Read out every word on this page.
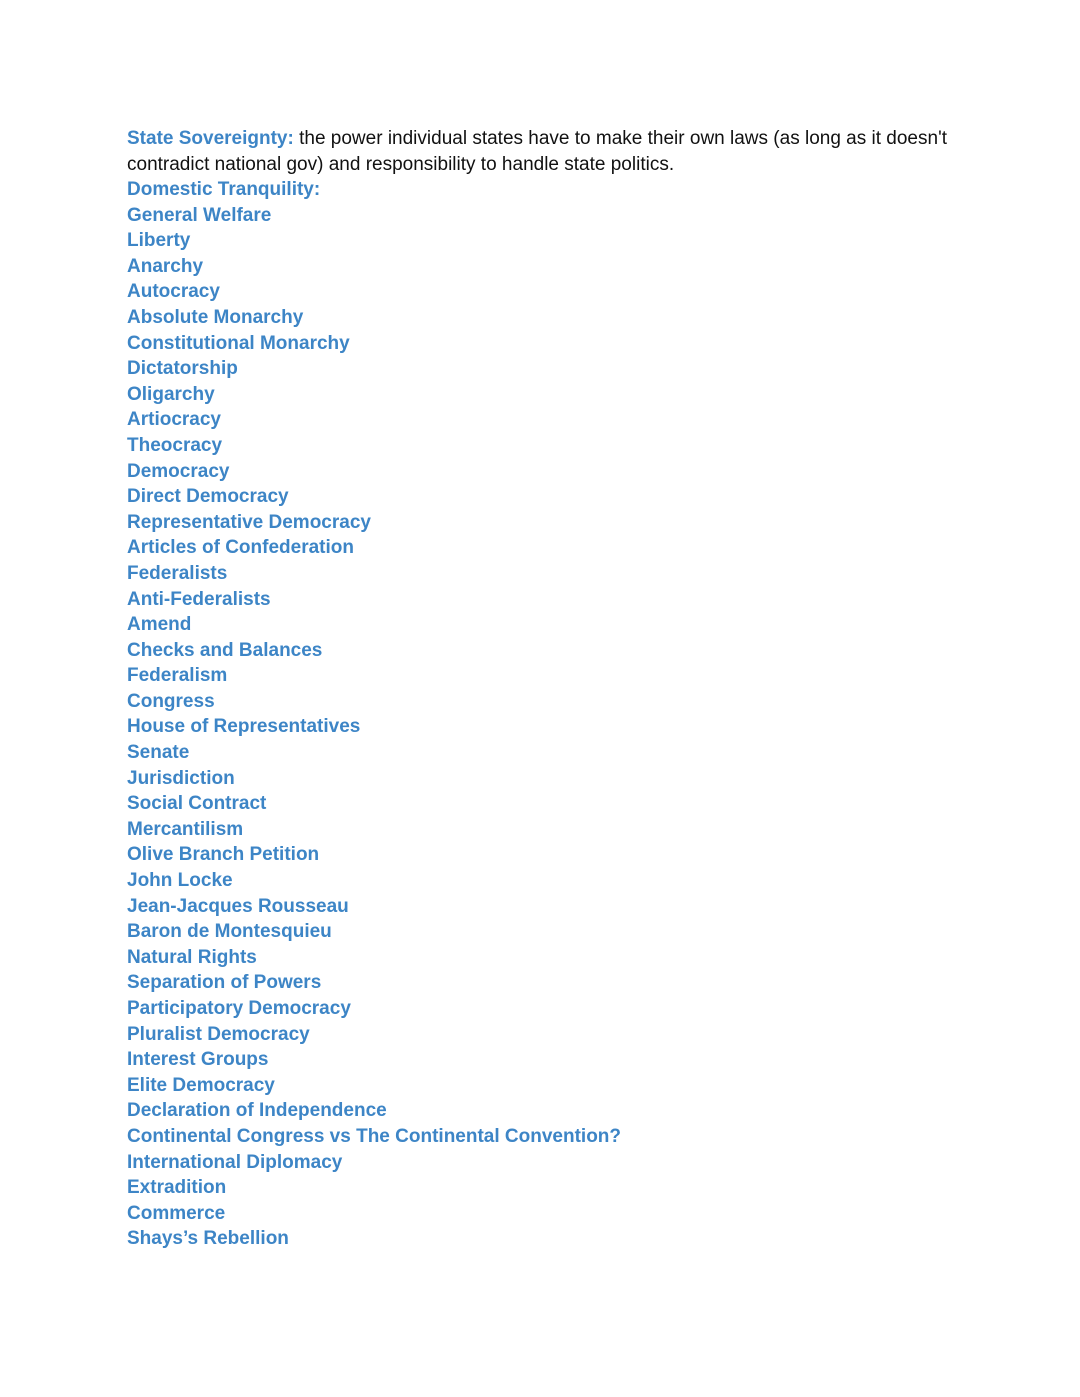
State Sovereignty: the power individual states have to make their own laws (as long as it doesn't contradict national gov) and responsibility to handle state politics.

Domestic Tranquility:

General Welfare

Liberty

Anarchy

Autocracy

Absolute Monarchy

Constitutional Monarchy

Dictatorship

Oligarchy

Artiocracy

Theocracy

Democracy

Direct Democracy

Representative Democracy

Articles of Confederation

Federalists

Anti-Federalists

Amend

Checks and Balances

Federalism

Congress

House of Representatives

Senate

Jurisdiction

Social Contract

Mercantilism

Olive Branch Petition

John Locke

Jean-Jacques Rousseau

Baron de Montesquieu

Natural Rights

Separation of Powers

Participatory Democracy

Pluralist Democracy

Interest Groups

Elite Democracy

Declaration of Independence

Continental Congress vs The Continental Convention?

International Diplomacy

Extradition

Commerce

Shays’s Rebellion
